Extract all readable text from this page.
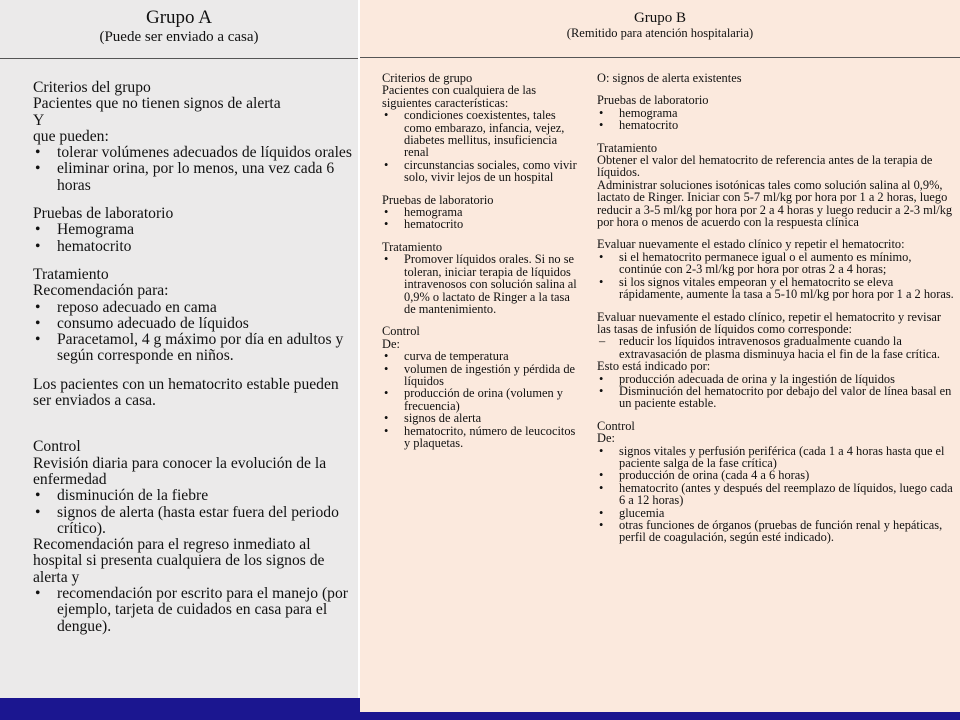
Grupo A
(Puede ser enviado a casa)

Criterios del grupo

Pacientes que no tienen signos de alerta

Y

que pueden:

• tolerar volúmenes adecuados de líquidos orales
• eliminar orina, por lo menos, una vez cada 6 horas

Pruebas de laboratorio

• Hemograma
• hematocrito

Tratamiento

Recomendación para:

• reposo adecuado en cama
• consumo adecuado de líquidos
• Paracetamol, 4 g máximo por día en adultos y según corresponde en niños.

Los pacientes con un hematocrito estable pueden ser enviados a casa.

Control

Revisión diaria para conocer la evolución de la enfermedad

• disminución de la fiebre
• signos de alerta (hasta estar fuera del periodo crítico).

Recomendación para el regreso inmediato al hospital si presenta cualquiera de los signos de alerta y

• recomendación por escrito para el manejo (por ejemplo, tarjeta de cuidados en casa para el dengue).
Grupo B
(Remitido para atención hospitalaria)

Criterios de grupo

Pacientes con cualquiera de las siguientes características:

• condiciones coexistentes, tales como embarazo, infancia, vejez, diabetes mellitus, insuficiencia renal
• circunstancias sociales, como vivir solo, vivir lejos de un hospital

Pruebas de laboratorio

• hemograma
• hematocrito

Tratamiento

• Promover líquidos orales. Si no se toleran, iniciar terapia de líquidos intravenosos con solución salina al 0,9% o lactato de Ringer a la tasa de mantenimiento.

Control

De:

• curva de temperatura
• volumen de ingestión y pérdida de líquidos
• producción de orina (volumen y frecuencia)
• signos de alerta
• hematocrito, número de leucocitos y plaquetas.

O: signos de alerta existentes

Pruebas de laboratorio

• hemograma
• hematocrito

Tratamiento

Obtener el valor del hematocrito de referencia antes de la terapia de líquidos.

Administrar soluciones isotónicas tales como solución salina al 0,9%, lactato de Ringer. Iniciar con 5-7 ml/kg por hora por 1 a 2 horas, luego reducir a 3-5 ml/kg por hora por 2 a 4 horas y luego reducir a 2-3 ml/kg por hora o menos de acuerdo con la respuesta clínica

Evaluar nuevamente el estado clínico y repetir el hematocrito:

• si el hematocrito permanece igual o el aumento es mínimo, continúe con 2-3 ml/kg por hora por otras 2 a 4 horas;
• si los signos vitales empeoran y el hematocrito se eleva rápidamente, aumente la tasa a 5-10 ml/kg por hora por 1 a 2 horas.

Evaluar nuevamente el estado clínico, repetir el hematocrito y revisar las tasas de infusión de líquidos como corresponde:

– reducir los líquidos intravenosos gradualmente cuando la extravasación de plasma disminuya hacia el fin de la fase crítica.

Esto está indicado por:

• producción adecuada de orina y la ingestión de líquidos
• Disminución del hematocrito por debajo del valor de línea basal en un paciente estable.

Control

De:

• signos vitales y perfusión periférica (cada 1 a 4 horas hasta que el paciente salga de la fase crítica)
• producción de orina (cada 4 a 6 horas)
• hematocrito (antes y después del reemplazo de líquidos, luego cada 6 a 12 horas)
• glucemia
• otras funciones de órganos (pruebas de función renal y hepáticas, perfil de coagulación, según esté indicado).
